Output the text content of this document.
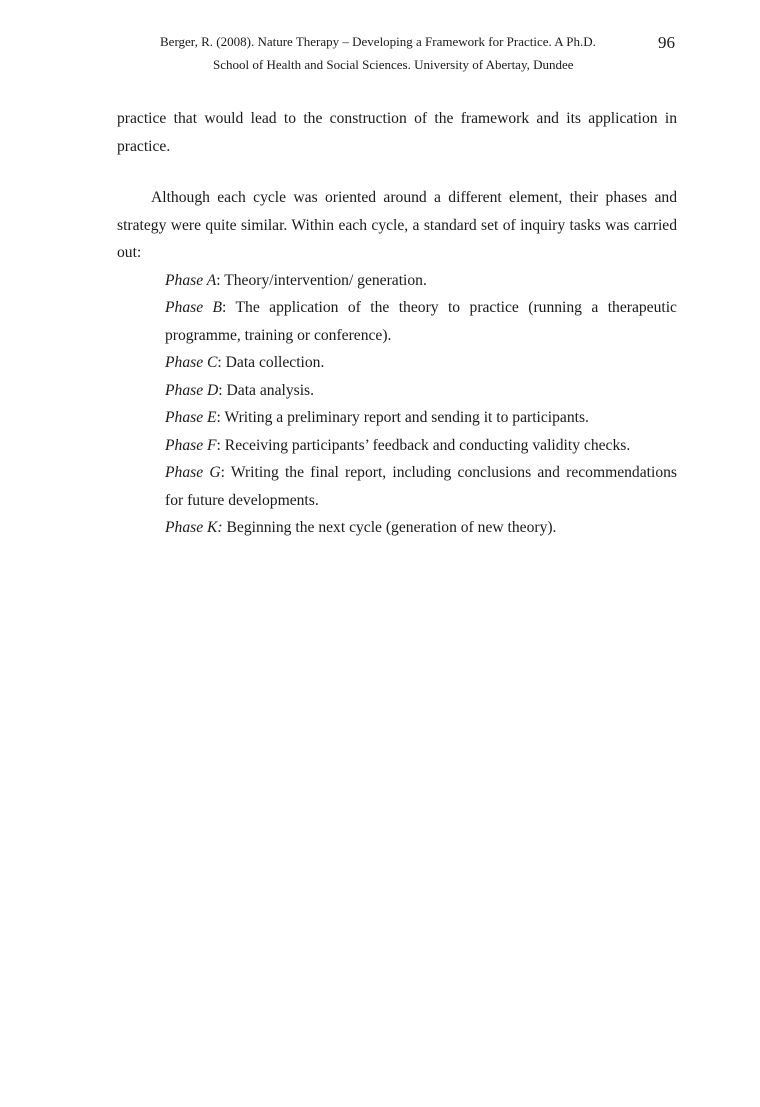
Berger, R. (2008). Nature Therapy – Developing a Framework for Practice. A Ph.D.	96
School of Health and Social Sciences. University of Abertay, Dundee

practice that would lead to the construction of the framework and its application in practice.

Although each cycle was oriented around a different element, their phases and strategy were quite similar. Within each cycle, a standard set of inquiry tasks was carried out:

Phase A: Theory/intervention/ generation.
Phase B: The application of the theory to practice (running a therapeutic programme, training or conference).
Phase C: Data collection.
Phase D: Data analysis.
Phase E: Writing a preliminary report and sending it to participants.
Phase F: Receiving participants’ feedback and conducting validity checks.
Phase G: Writing the final report, including conclusions and recommendations for future developments.
Phase K: Beginning the next cycle (generation of new theory).
